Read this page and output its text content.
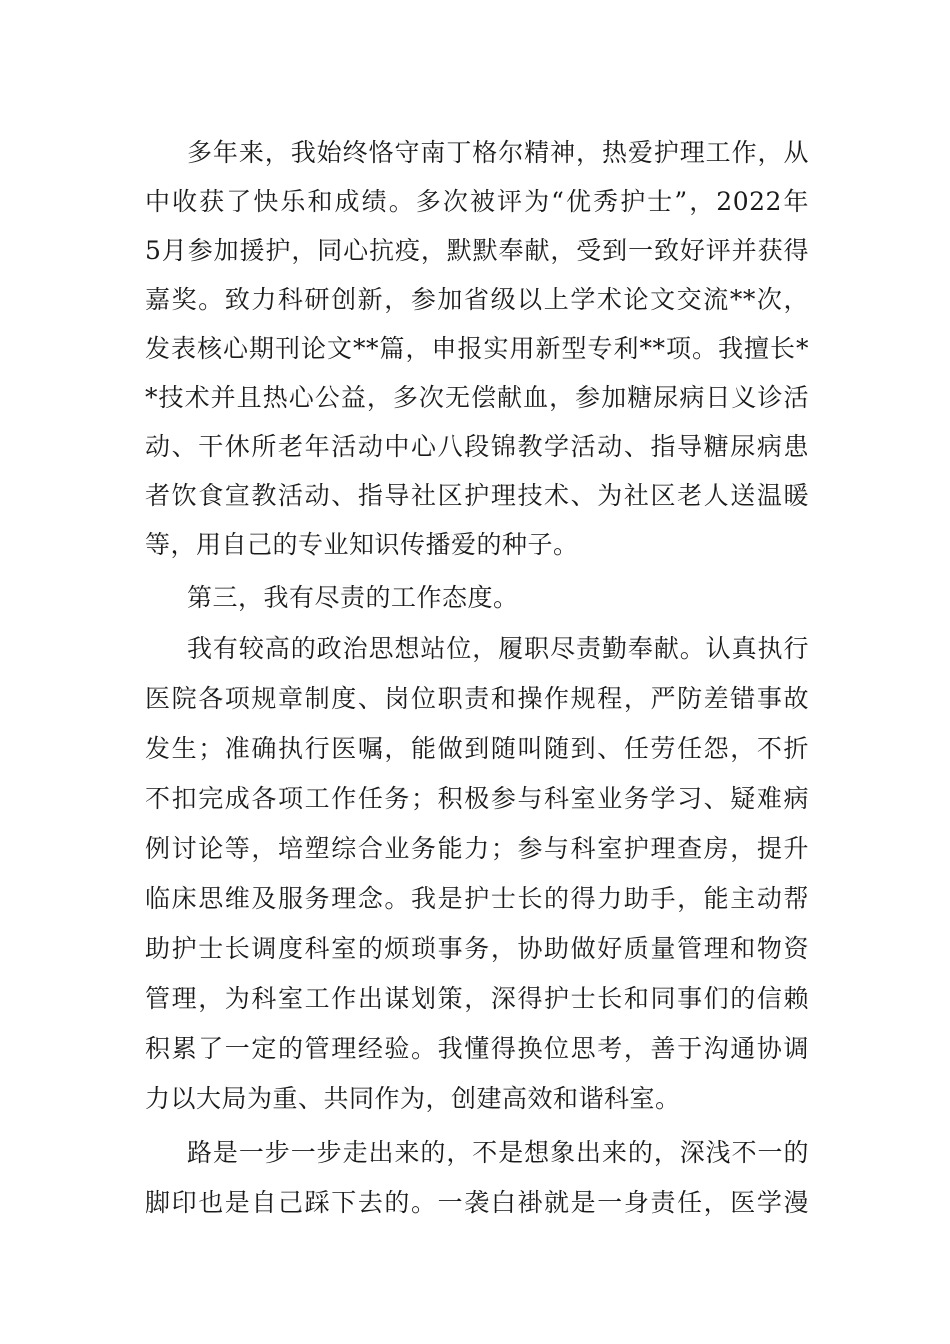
多年来，我始终恪守南丁格尔精神，热爱护理工作，从
中收获了快乐和成绩。多次被评为“优秀护士”，2022年
5月参加援护，同心抗疫，默默奉献，受到一致好评并获得
嘉奖。致力科研创新，参加省级以上学术论文交流**次，
发表核心期刊论文**篇，申报实用新型专利**项。我擅长*
*技术并且热心公益，多次无偿献血，参加糖尿病日义诊活
动、干休所老年活动中心八段锦教学活动、指导糖尿病患
者饮食宣教活动、指导社区护理技术、为社区老人送温暖
等，用自己的专业知识传播爱的种子。
第三，我有尽责的工作态度。
我有较高的政治思想站位，履职尽责勤奉献。认真执行
医院各项规章制度、岗位职责和操作规程，严防差错事故
发生；准确执行医嘱，能做到随叫随到、任劳任怨，不折
不扣完成各项工作任务；积极参与科室业务学习、疑难病
例讨论等，培塑综合业务能力；参与科室护理查房，提升
临床思维及服务理念。我是护士长的得力助手，能主动帮
助护士长调度科室的烦琐事务，协助做好质量管理和物资
管理，为科室工作出谋划策，深得护士长和同事们的信赖
积累了一定的管理经验。我懂得换位思考，善于沟通协调
力以大局为重、共同作为，创建高效和谐科室。
路是一步一步走出来的，不是想象出来的，深浅不一的
脚印也是自己踩下去的。一袭白褂就是一身责任，医学漫
